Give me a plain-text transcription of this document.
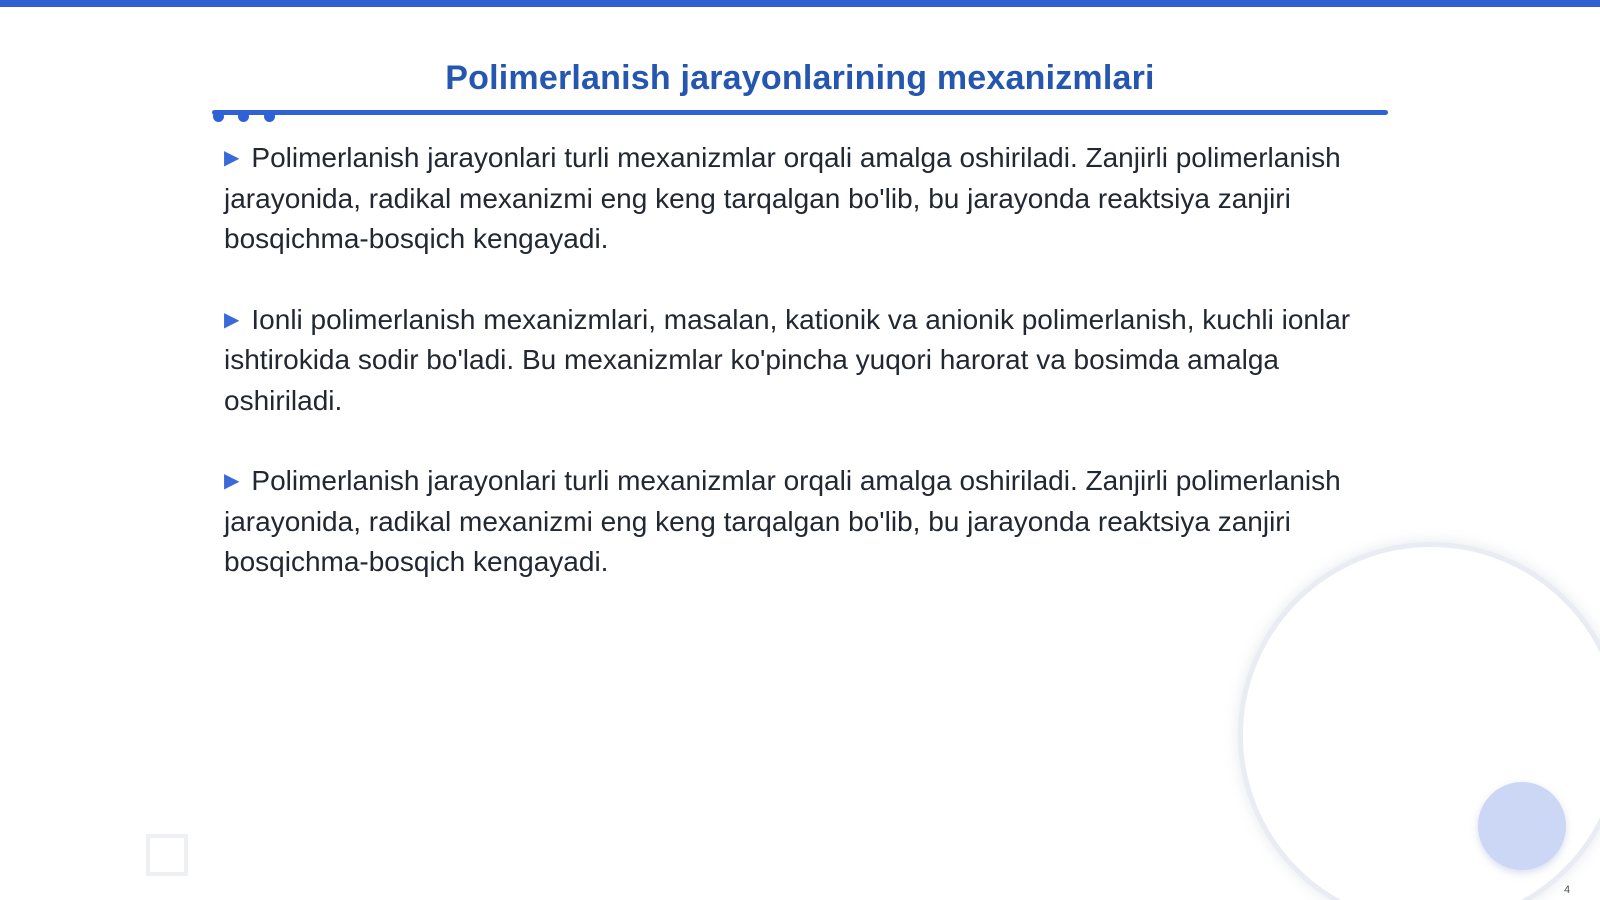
Polimerlanish jarayonlarining mexanizmlari

▶ Polimerlanish jarayonlari turli mexanizmlar orqali amalga oshiriladi. Zanjirli polimerlanish jarayonida, radikal mexanizmi eng keng tarqalgan bo'lib, bu jarayonda reaktsiya zanjiri bosqichma-bosqich kengayadi.

▶ Ionli polimerlanish mexanizmlari, masalan, kationik va anionik polimerlanish, kuchli ionlar ishtirokida sodir bo'ladi. Bu mexanizmlar ko'pincha yuqori harorat va bosimda amalga oshiriladi.

▶ Polimerlanish jarayonlari turli mexanizmlar orqali amalga oshiriladi. Zanjirli polimerlanish jarayonida, radikal mexanizmi eng keng tarqalgan bo'lib, bu jarayonda reaktsiya zanjiri bosqichma-bosqich kengayadi.

4
